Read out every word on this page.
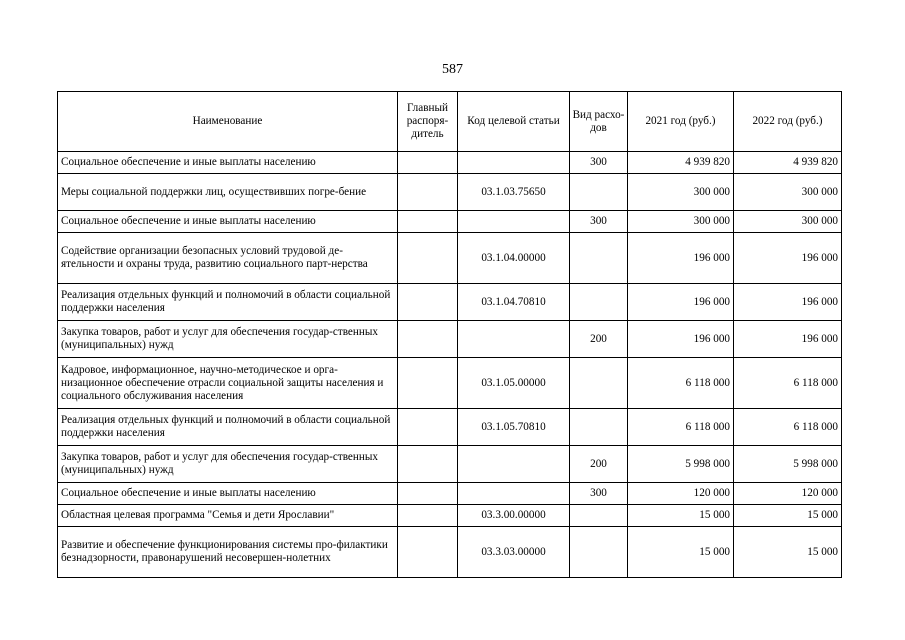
587
Наименование	Главный распоря-дитель	Код целевой статьи	Вид расхо-дов	2021 год (руб.)	2022 год (руб.)
Социальное обеспечение и иные выплаты населению			300	4 939 820	4 939 820
Меры социальной поддержки лиц, осуществивших погре-бение		03.1.03.75650		300 000	300 000
Социальное обеспечение и иные выплаты населению			300	300 000	300 000
Содействие организации безопасных условий трудовой де-ятельности и охраны труда, развитию социального парт-нерства		03.1.04.00000		196 000	196 000
Реализация отдельных функций и полномочий в области социальной поддержки населения		03.1.04.70810		196 000	196 000
Закупка товаров, работ и услуг для обеспечения государ-ственных (муниципальных) нужд			200	196 000	196 000
Кадровое, информационное, научно-методическое и орга-низационное обеспечение отрасли социальной защиты населения и социального обслуживания населения		03.1.05.00000		6 118 000	6 118 000
Реализация отдельных функций и полномочий в области социальной поддержки населения		03.1.05.70810		6 118 000	6 118 000
Закупка товаров, работ и услуг для обеспечения государ-ственных (муниципальных) нужд			200	5 998 000	5 998 000
Социальное обеспечение и иные выплаты населению			300	120 000	120 000
Областная целевая программа "Семья и дети Ярославии"		03.3.00.00000		15 000	15 000
Развитие и обеспечение функционирования системы про-филактики безнадзорности, правонарушений несовершен-нолетних		03.3.03.00000		15 000	15 000
